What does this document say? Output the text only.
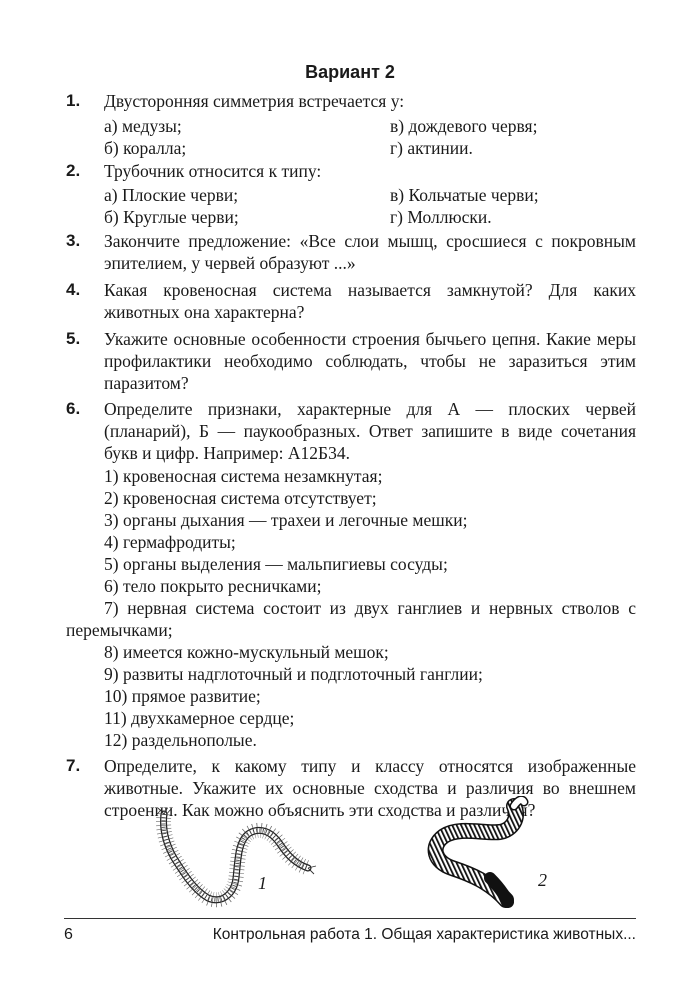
Вариант 2
1. Двусторонняя симметрия встречается у:
а) медузы;
б) коралла;
в) дождевого червя;
г) актинии.
2. Трубочник относится к типу:
а) Плоские черви;
б) Круглые черви;
в) Кольчатые черви;
г) Моллюски.
3. Закончите предложение: «Все слои мышц, сросшиеся с покровным эпителием, у червей образуют ...»
4. Какая кровеносная система называется замкнутой? Для каких животных она характерна?
5. Укажите основные особенности строения бычьего цепня. Какие меры профилактики необходимо соблюдать, чтобы не заразиться этим паразитом?
6. Определите признаки, характерные для А — плоских червей (планарий), Б — паукообразных. Ответ запишите в виде сочетания букв и цифр. Например: А12Б34.
1) кровеносная система незамкнутая;
2) кровеносная система отсутствует;
3) органы дыхания — трахеи и легочные мешки;
4) гермафродиты;
5) органы выделения — мальпигиевы сосуды;
6) тело покрыто ресничками;
7) нервная система состоит из двух ганглиев и нервных стволов с перемычками;
8) имеется кожно-мускульный мешок;
9) развиты надглоточный и подглоточный ганглии;
10) прямое развитие;
11) двухкамерное сердце;
12) раздельнополые.
7. Определите, к какому типу и классу относятся изображенные животные. Укажите их основные сходства и различия во внешнем строении. Как можно объяснить эти сходства и различия?
1	2
6	Контрольная работа 1. Общая характеристика животных...
